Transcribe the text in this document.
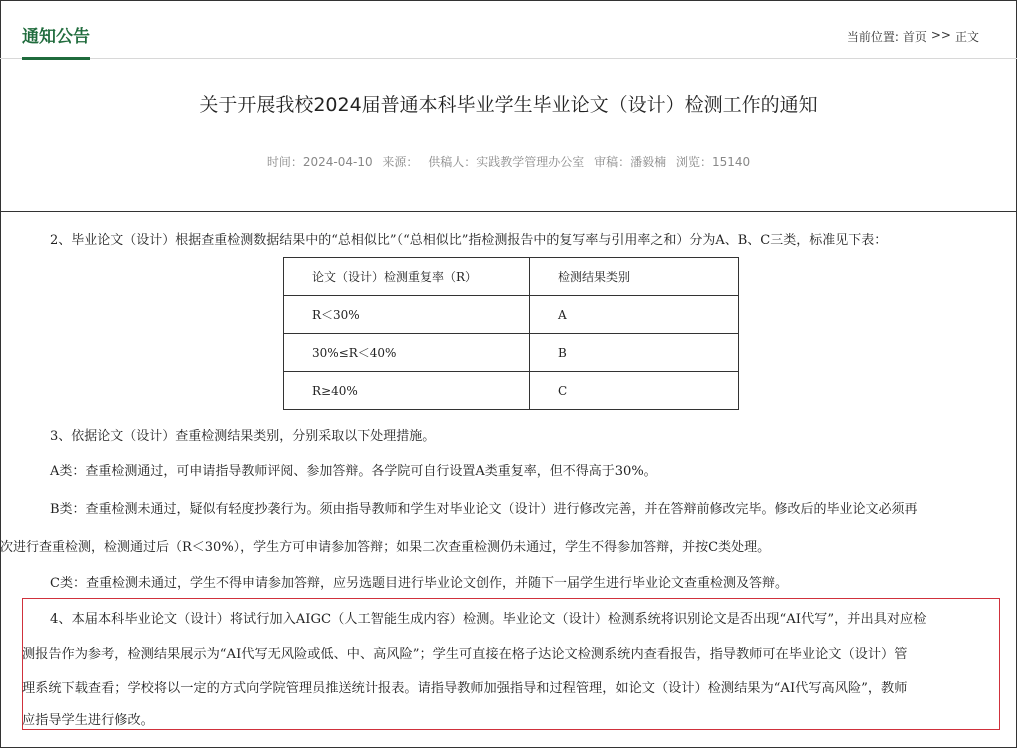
通知公告	当前位置: 首页 >> 正文
关于开展我校2024届普通本科毕业学生毕业论文（设计）检测工作的通知
时间：2024-04-10 来源： 供稿人：实践教学管理办公室 审稿：潘毅楠 浏览：15140
2、毕业论文（设计）根据查重检测数据结果中的“总相似比”（“总相似比”指检测报告中的复写率与引用率之和）分为A、B、C三类，标准见下表：
论文（设计）检测重复率（R）	检测结果类别
R＜30%	A
30%≤R＜40%	B
R≥40%	C
3、依据论文（设计）查重检测结果类别，分别采取以下处理措施。
A类：查重检测通过，可申请指导教师评阅、参加答辩。各学院可自行设置A类重复率，但不得高于30%。
B类：查重检测未通过，疑似有轻度抄袭行为。须由指导教师和学生对毕业论文（设计）进行修改完善，并在答辩前修改完毕。修改后的毕业论文必须再
次进行查重检测，检测通过后（R＜30%），学生方可申请参加答辩；如果二次查重检测仍未通过，学生不得参加答辩，并按C类处理。
C类：查重检测未通过，学生不得申请参加答辩，应另选题目进行毕业论文创作，并随下一届学生进行毕业论文查重检测及答辩。
4、本届本科毕业论文（设计）将试行加入AIGC（人工智能生成内容）检测。毕业论文（设计）检测系统将识别论文是否出现“AI代写”，并出具对应检
测报告作为参考，检测结果展示为“AI代写无风险或低、中、高风险”；学生可直接在格子达论文检测系统内查看报告，指导教师可在毕业论文（设计）管
理系统下载查看；学校将以一定的方式向学院管理员推送统计报表。请指导教师加强指导和过程管理，如论文（设计）检测结果为“AI代写高风险”，教师
应指导学生进行修改。
